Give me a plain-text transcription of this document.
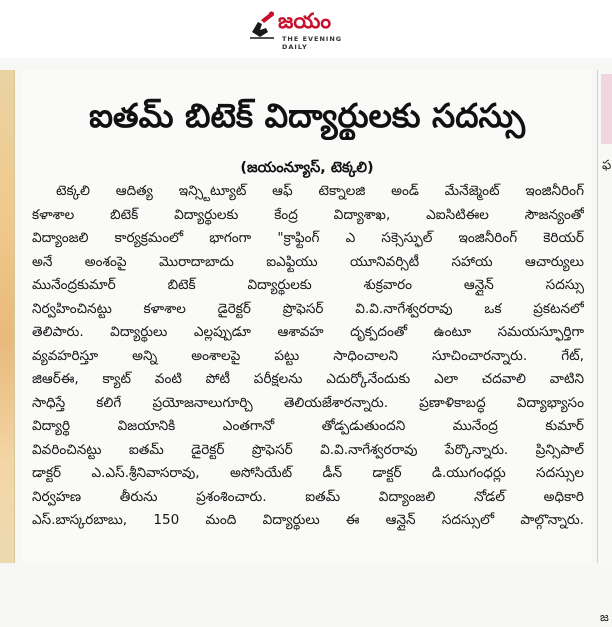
జయం
THE EVENING DAILY
ఫ
జ
ఐతమ్ బిటెక్ విద్యార్థులకు సదస్సు
(జయంన్యూస్, టెక్కలి)
టెక్కలి ఆదిత్య ఇన్స్టిట్యూట్ ఆఫ్ టెక్నాలజి అండ్ మేనేజ్మెంట్ ఇంజినీరింగ్
కళాశాల బిటెక్ విద్యార్థులకు కేంద్ర విద్యాశాఖ, ఎఐసిటిఈల సౌజన్యంతో
విద్యాంజలి కార్యక్రమంలో భాగంగా "క్రాఫ్టింగ్ ఎ సక్సెస్ఫుల్ ఇంజినీరింగ్ కెరియర్
అనే అంశంపై మొరాదాబాదు ఐఎఫ్టియు యూనివర్సిటీ సహాయ ఆచార్యులు
మునేంద్రకుమార్ బిటెక్ విద్యార్థులకు శుక్రవారం ఆన్లైన్ సదస్సు
నిర్వహించినట్టు కళాశాల డైరెక్టర్ ప్రొఫెసర్ వి.వి.నాగేశ్వరరావు ఒక ప్రకటనలో
తెలిపారు. విద్యార్థులు ఎల్లప్పుడూ ఆశావహ దృక్పదంతో ఉంటూ సమయస్ఫూర్తిగా
వ్యవహరిస్తూ అన్ని అంశాలపై పట్టు సాధించాలని సూచించారన్నారు. గేట్,
జిఆర్ఈ, క్యాట్ వంటి పోటీ పరీక్షలను ఎదుర్కోనేందుకు ఎలా చదవాలి వాటిని
సాధిస్తే కలిగే ప్రయోజనాలుగూర్చి తెలియజేశారన్నారు. ప్రణాళికాబద్ధ విద్యాభ్యాసం
విద్యార్థి విజయానికి ఎంతగానో తోడ్పడుతుందని మునేంద్ర కుమార్
వివరించినట్టు ఐతమ్ డైరెక్టర్ ప్రొఫెసర్ వి.వి.నాగేశ్వరరావు పేర్కొన్నారు. ప్రిన్సిపాల్
డాక్టర్ ఎ.ఎస్.శ్రీనివాసరావు, అసోసియేట్ డీన్ డాక్టర్ డి.యుగంధర్లు సదస్సుల
నిర్వహణ తీరును ప్రశంశించారు. ఐతమ్ విద్యాంజలి నోడల్ అధికారి
ఎస్.బాస్కరబాబు, 150 మంది విద్యార్థులు ఈ ఆన్లైన్ సదస్సులో పాల్గొన్నారు.
